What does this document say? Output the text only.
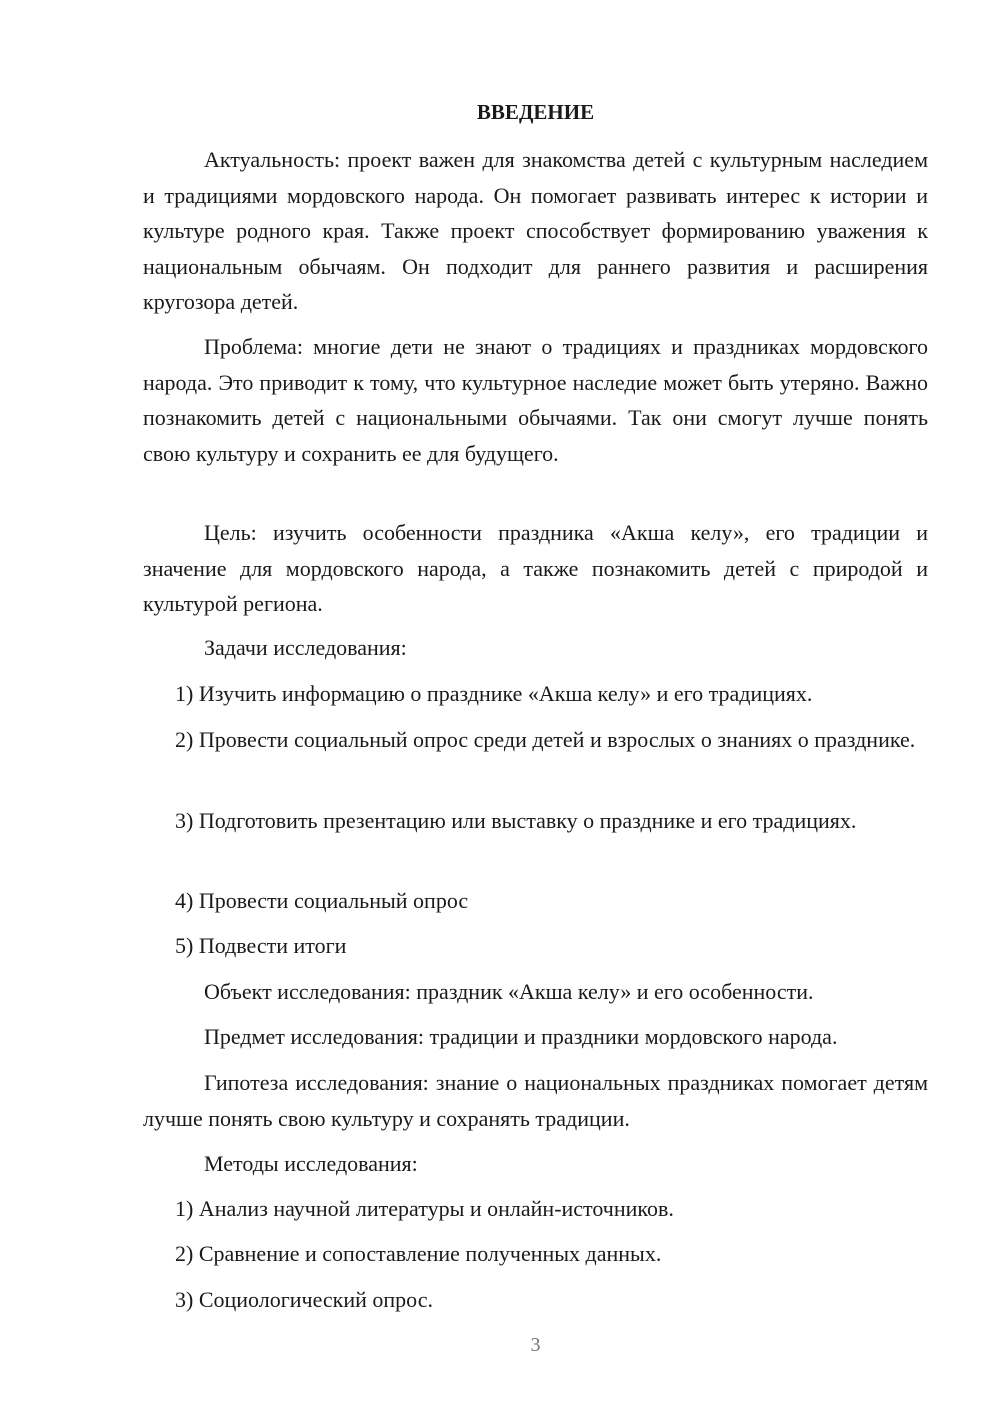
ВВЕДЕНИЕ

Актуальность: проект важен для знакомства детей с культурным наследием и традициями мордовского народа. Он помогает развивать интерес к истории и культуре родного края. Также проект способствует формированию уважения к национальным обычаям. Он подходит для раннего развития и расширения кругозора детей.

Проблема: многие дети не знают о традициях и праздниках мордовского народа. Это приводит к тому, что культурное наследие может быть утеряно. Важно познакомить детей с национальными обычаями. Так они смогут лучше понять свою культуру и сохранить ее для будущего.

Цель: изучить особенности праздника «Акша келу», его традиции и значение для мордовского народа, а также познакомить детей с природой и культурой региона.

Задачи исследования:

1) Изучить информацию о празднике «Акша келу» и его традициях.

2) Провести социальный опрос среди детей и взрослых о знаниях о празднике.

3) Подготовить презентацию или выставку о празднике и его традициях.

4) Провести социальный опрос

5) Подвести итоги

Объект исследования: праздник «Акша келу» и его особенности.

Предмет исследования: традиции и праздники мордовского народа.

Гипотеза исследования: знание о национальных праздниках помогает детям лучше понять свою культуру и сохранять традиции.

Методы исследования:

1) Анализ научной литературы и онлайн-источников.

2) Сравнение и сопоставление полученных данных.

3) Социологический опрос.

3
